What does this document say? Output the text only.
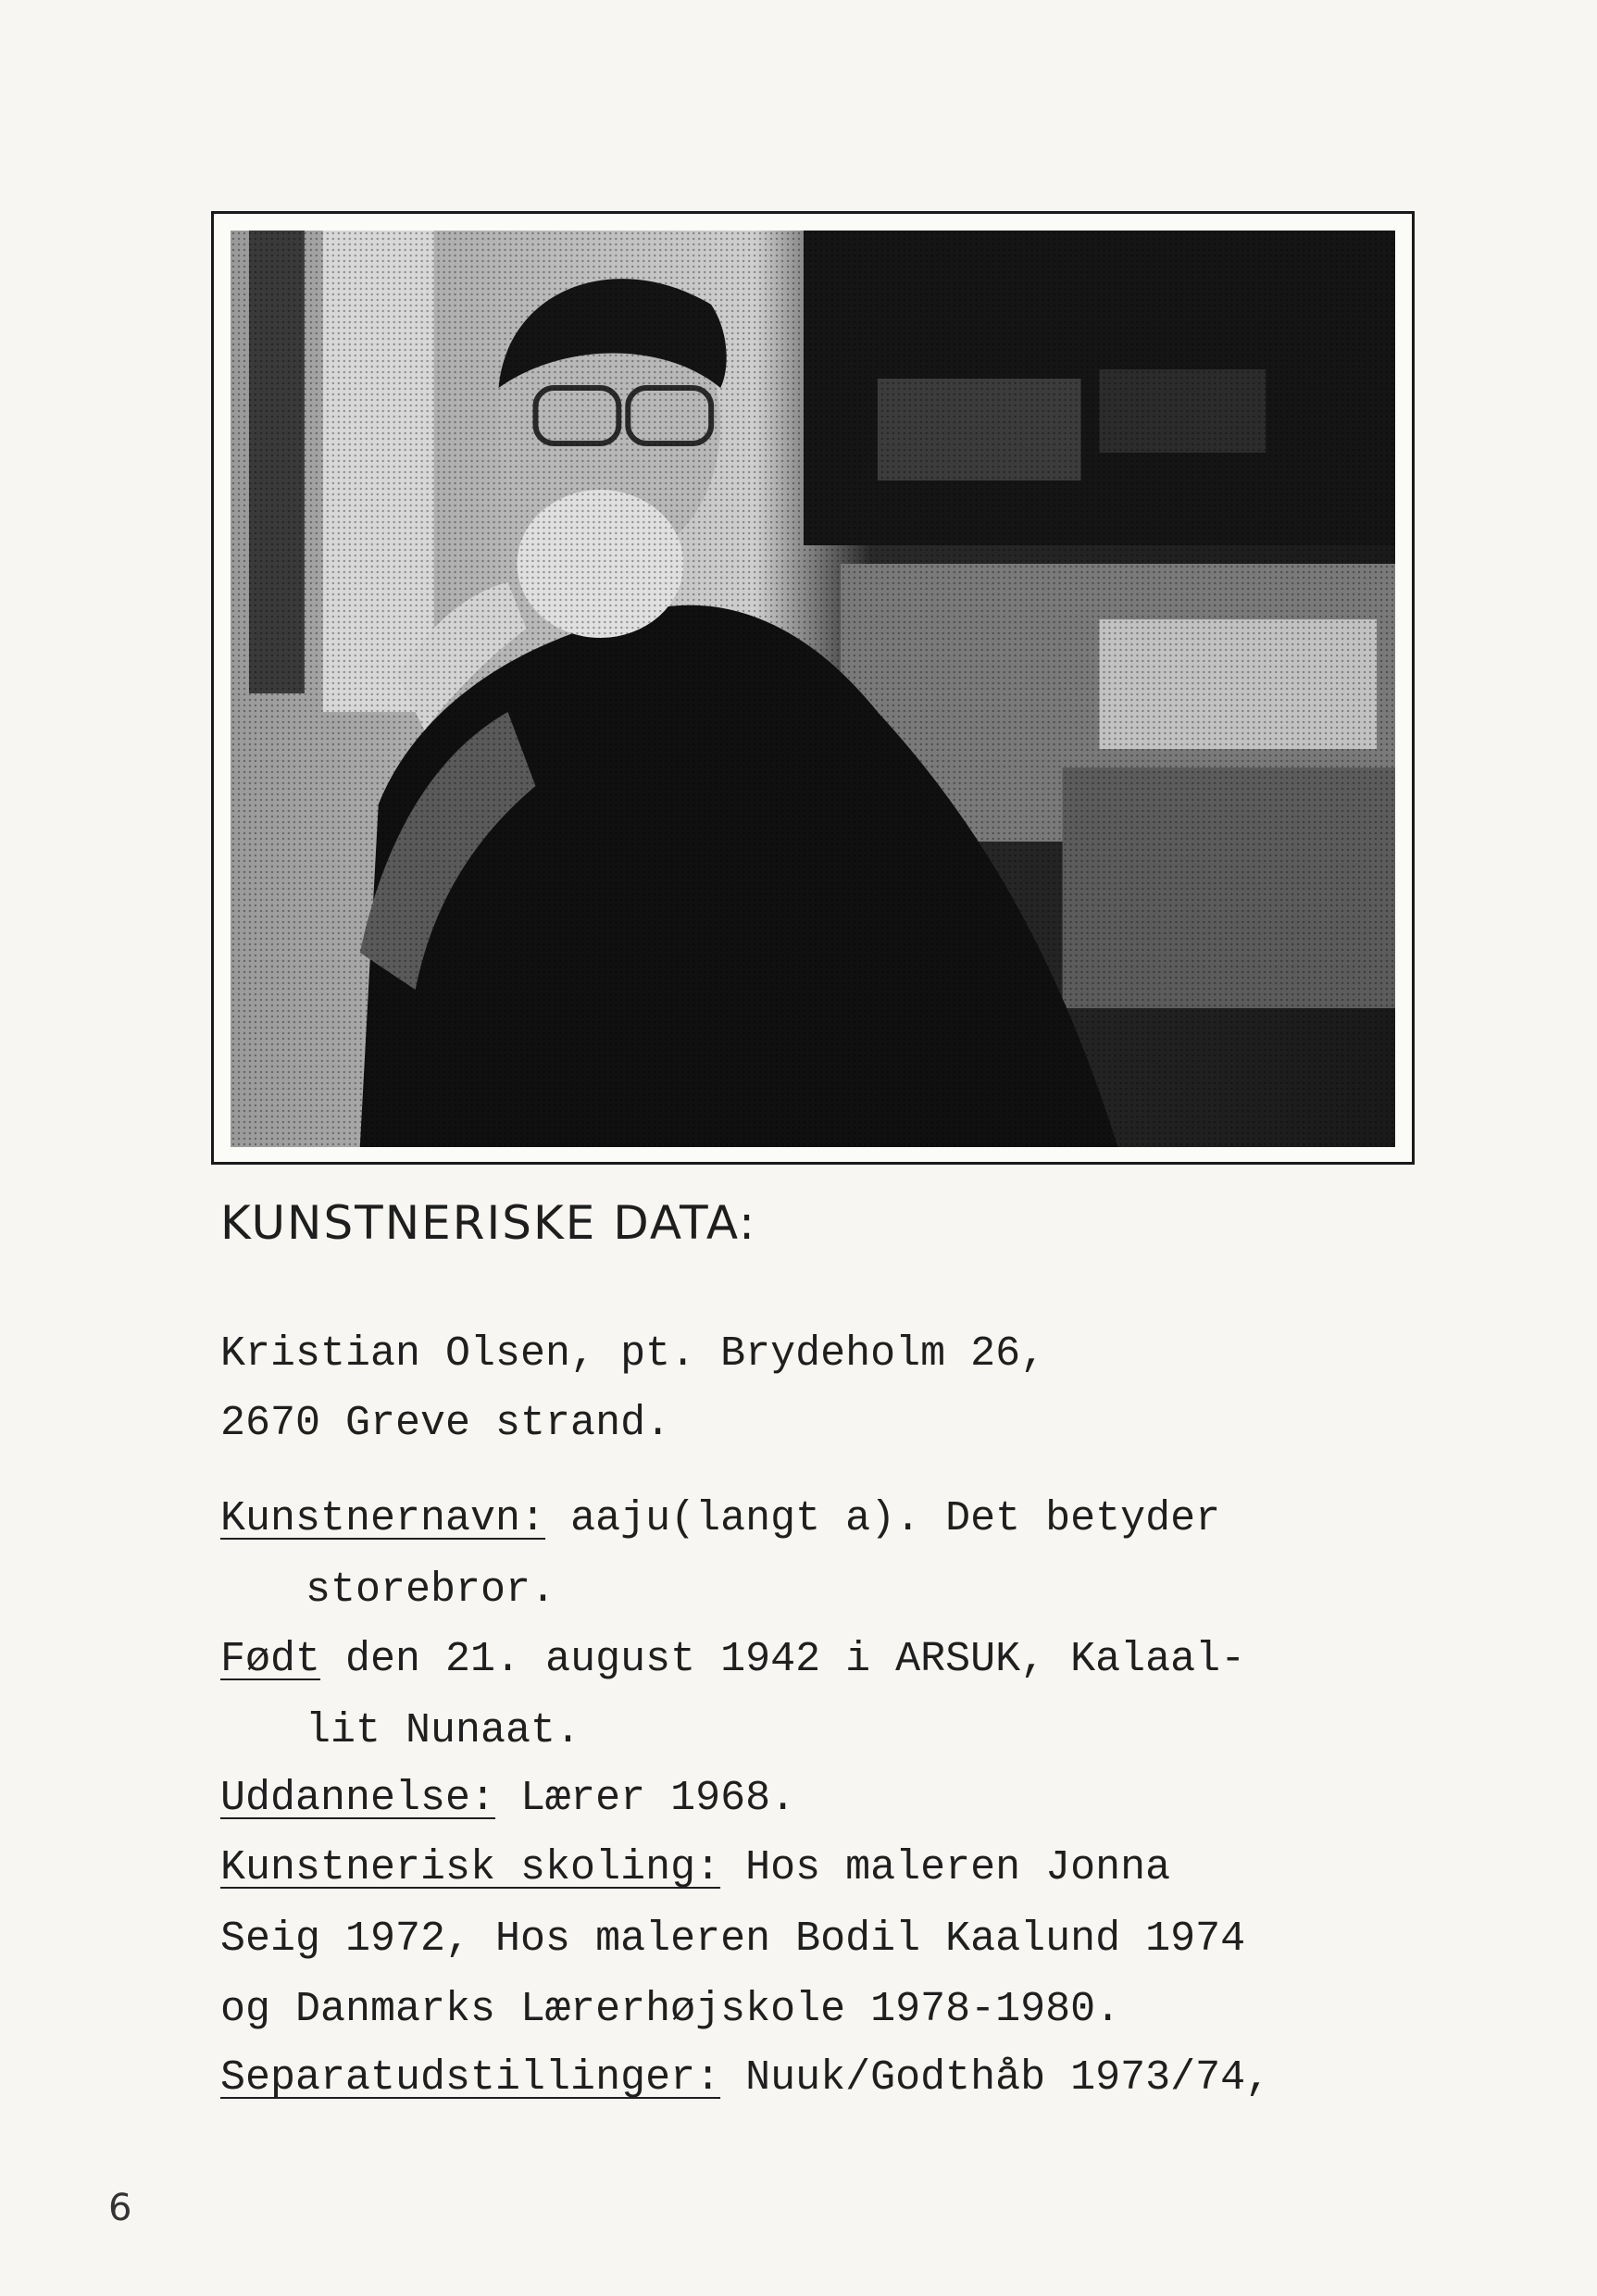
KUNSTNERISKE DATA:
Kristian Olsen, pt. Brydeholm 26,
2670 Greve strand.
Kunstnernavn: aaju(langt a). Det betyder
storebror.
Født den 21. august 1942 i ARSUK, Kalaal-
lit Nunaat.
Uddannelse: Lærer 1968.
Kunstnerisk skoling: Hos maleren Jonna
Seig 1972, Hos maleren Bodil Kaalund 1974
og Danmarks Lærerhøjskole 1978-1980.
Separatudstillinger: Nuuk/Godthåb 1973/74,
6
